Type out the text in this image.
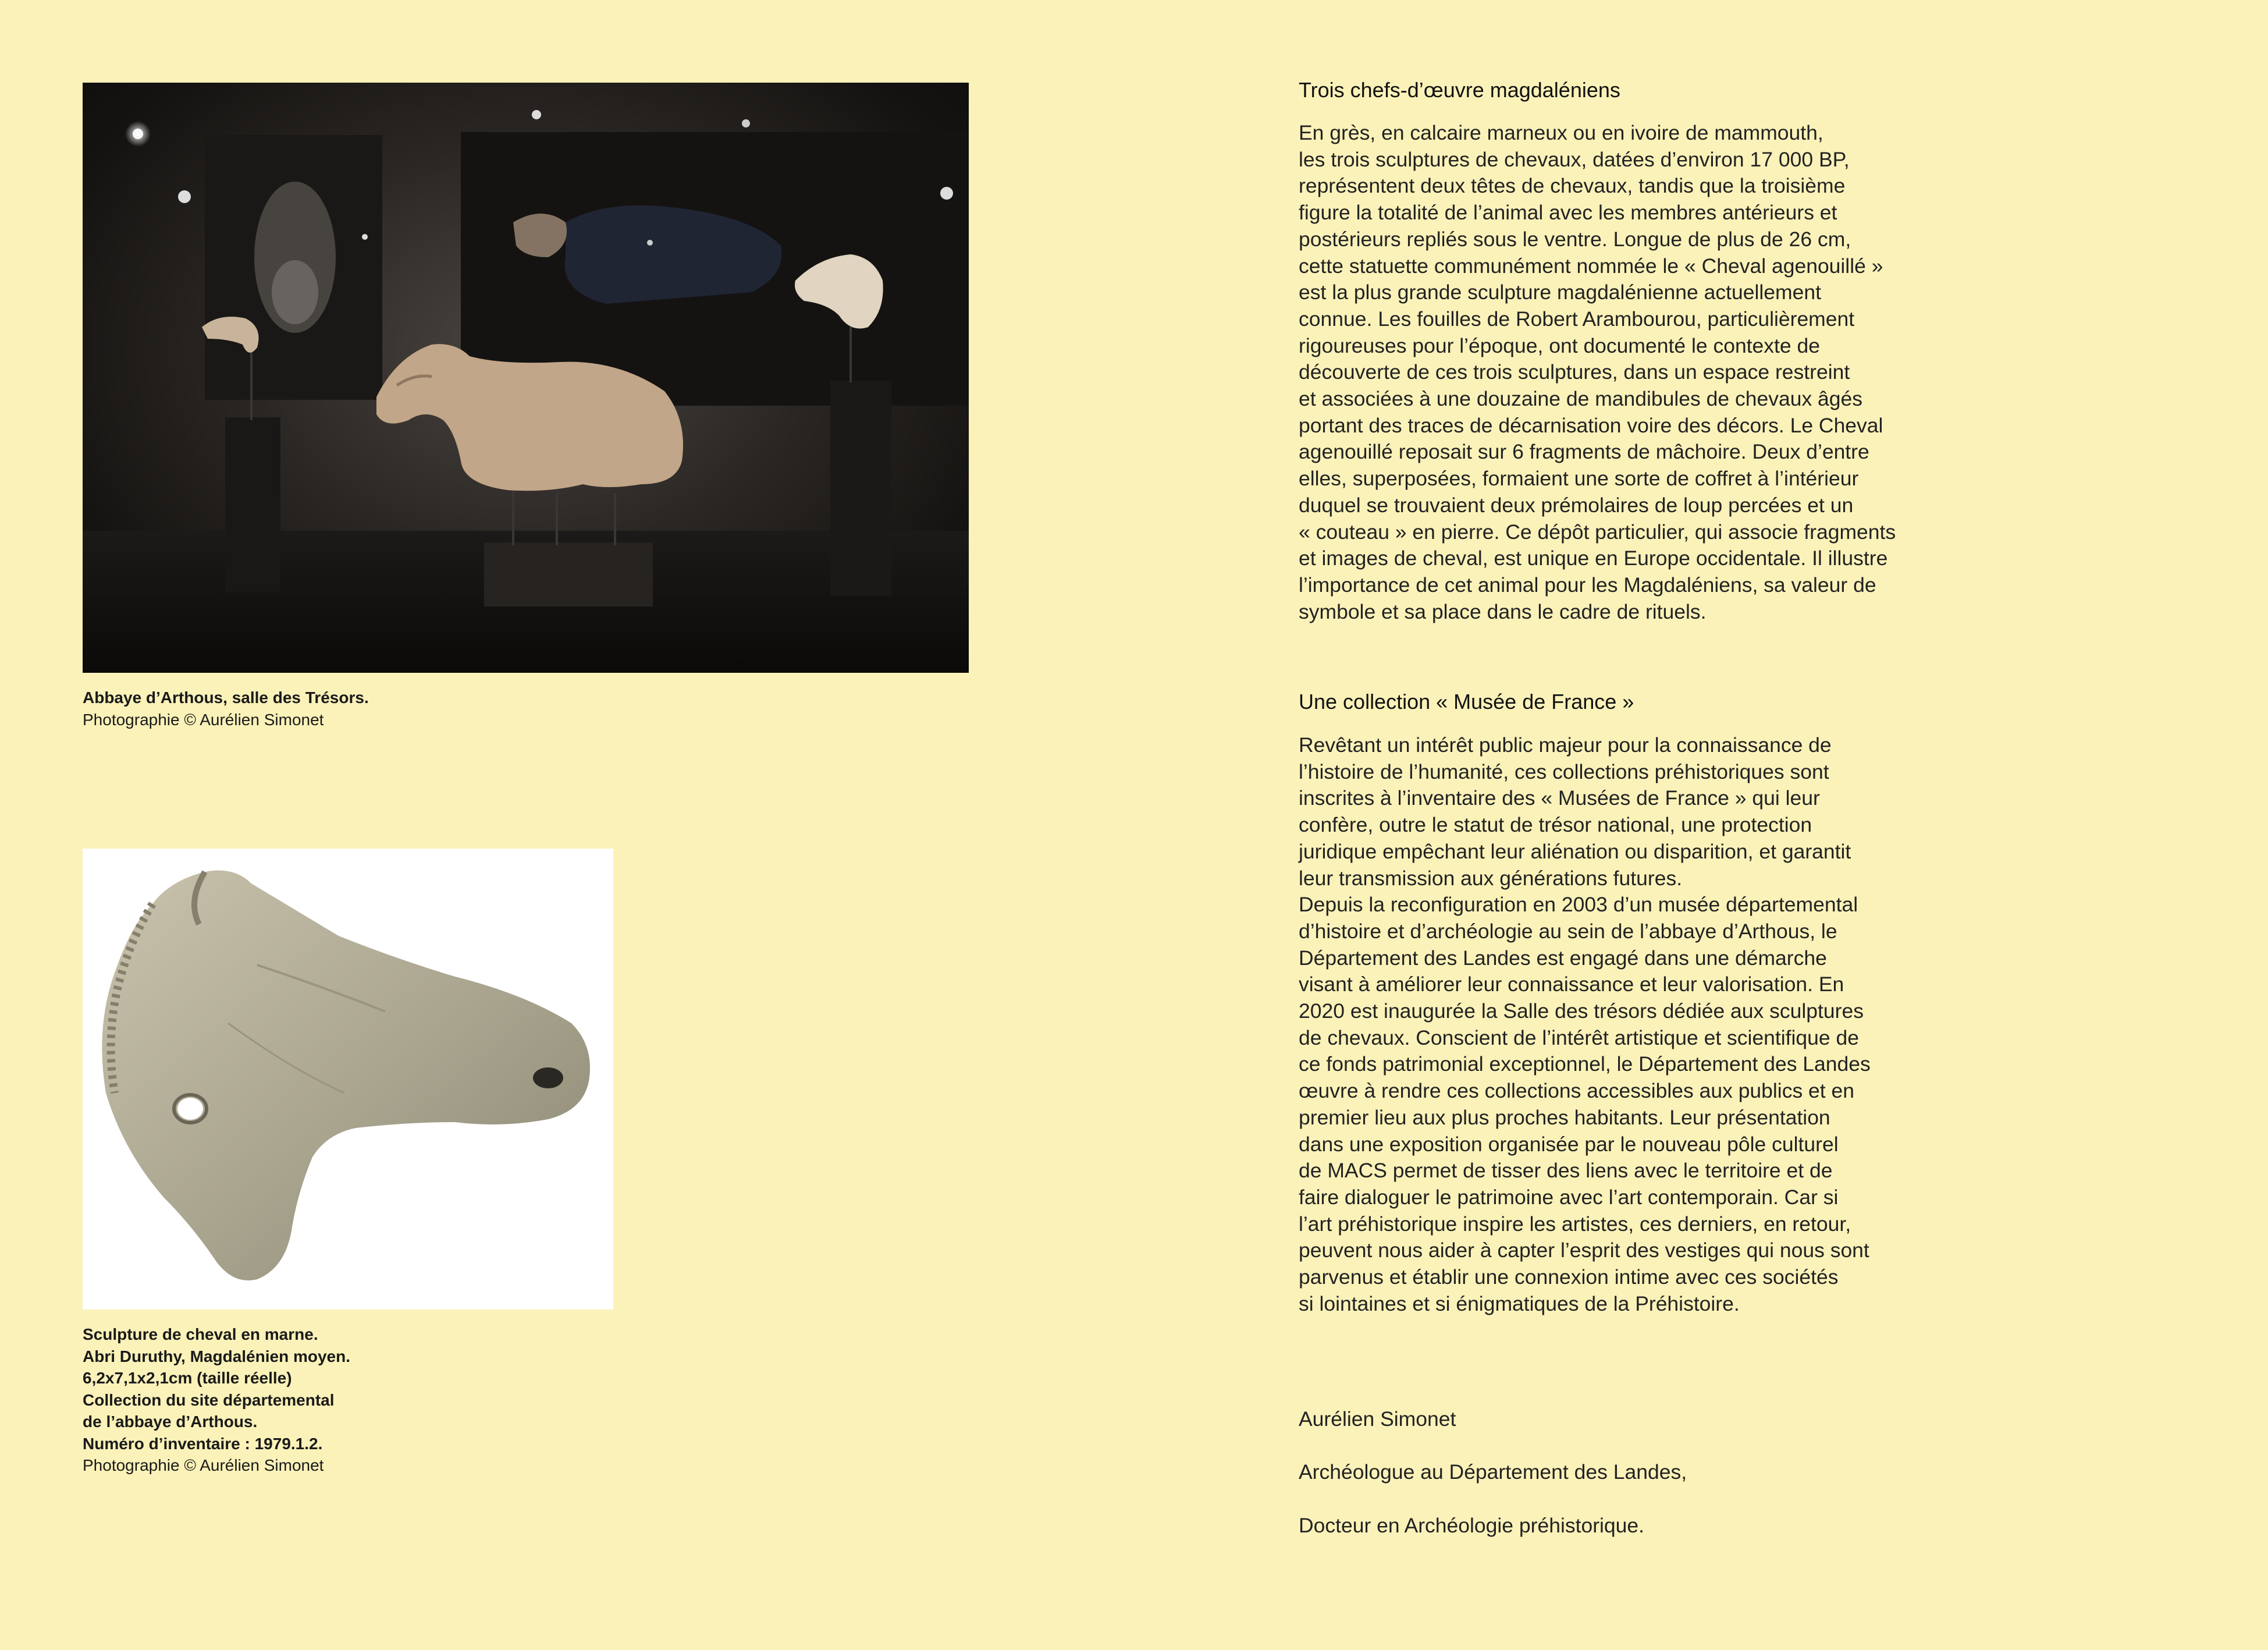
Abbaye d’Arthous, salle des Trésors.
Photographie © Aurélien Simonet
Sculpture de cheval en marne.
Abri Duruthy, Magdalénien moyen.
6,2x7,1x2,1cm (taille réelle)
Collection du site départemental
de l’abbaye d’Arthous.
Numéro d’inventaire : 1979.1.2.
Photographie © Aurélien Simonet
Trois chefs-d’œuvre magdaléniens

En grès, en calcaire marneux ou en ivoire de mammouth,
les trois sculptures de chevaux, datées d’environ 17 000 BP,
représentent deux têtes de chevaux, tandis que la troisième
figure la totalité de l’animal avec les membres antérieurs et
postérieurs repliés sous le ventre. Longue de plus de 26 cm,
cette statuette communément nommée le « Cheval agenouillé »
est la plus grande sculpture magdalénienne actuellement
connue. Les fouilles de Robert Arambourou, particulièrement
rigoureuses pour l’époque, ont documenté le contexte de
découverte de ces trois sculptures, dans un espace restreint
et associées à une douzaine de mandibules de chevaux âgés
portant des traces de décarnisation voire des décors. Le Cheval
agenouillé reposait sur 6 fragments de mâchoire. Deux d’entre
elles, superposées, formaient une sorte de coffret à l’intérieur
duquel se trouvaient deux prémolaires de loup percées et un
« couteau » en pierre. Ce dépôt particulier, qui associe fragments
et images de cheval, est unique en Europe occidentale. Il illustre
l’importance de cet animal pour les Magdaléniens, sa valeur de
symbole et sa place dans le cadre de rituels.

Une collection « Musée de France »

Revêtant un intérêt public majeur pour la connaissance de
l’histoire de l’humanité, ces collections préhistoriques sont
inscrites à l’inventaire des « Musées de France » qui leur
confère, outre le statut de trésor national, une protection
juridique empêchant leur aliénation ou disparition, et garantit
leur transmission aux générations futures.
Depuis la reconfiguration en 2003 d’un musée départemental
d’histoire et d’archéologie au sein de l’abbaye d’Arthous, le
Département des Landes est engagé dans une démarche
visant à améliorer leur connaissance et leur valorisation. En
2020 est inaugurée la Salle des trésors dédiée aux sculptures
de chevaux. Conscient de l’intérêt artistique et scientifique de
ce fonds patrimonial exceptionnel, le Département des Landes
œuvre à rendre ces collections accessibles aux publics et en
premier lieu aux plus proches habitants. Leur présentation
dans une exposition organisée par le nouveau pôle culturel
de MACS permet de tisser des liens avec le territoire et de
faire dialoguer le patrimoine avec l’art contemporain. Car si
l’art préhistorique inspire les artistes, ces derniers, en retour,
peuvent nous aider à capter l’esprit des vestiges qui nous sont
parvenus et établir une connexion intime avec ces sociétés
si lointaines et si énigmatiques de la Préhistoire.

Aurélien Simonet

Archéologue au Département des Landes,

Docteur en Archéologie préhistorique.
